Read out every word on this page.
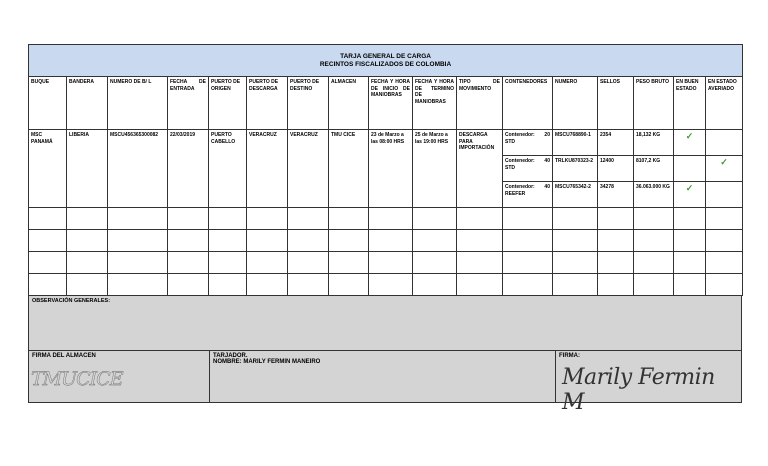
TARJA GENERAL DE CARGA
RECINTOS FISCALIZADOS DE COLOMBIA																

BUQUE	BANDERA	NUMERO DE B/ L	FECHA DE ENTRADA	PUERTO DE ORIGEN	PUERTO DE DESCARGA	PUERTO DE DESTINO	ALMACEN	FECHA Y HORA DE INICIO DE MANIOBRAS	FECHA Y HORA DE TERMINO DE MANIOBRAS	TIPO DE MOVIMIENTO	CONTENEDORES	NUMERO	SELLOS	PESO BRUTO	EN BUEN ESTADO	EN ESTADO AVERIADO
MSC PANAMÁ	LIBERIA	MSCU456365300082	22/03/2019	PUERTO CABELLO	VERACRUZ	VERACRUZ	TMU CICE	23 de Marzo a las 08:00 HRS	25 de Marzo a las 19:00 HRS	DESCARGA PARA IMPORTACIÓN	Contenedor: 20 STD	MSCU768890-1	2354	18,132 KG	✓	

											Contenedor: 40 STD	TRLKU870323-2	12400	8107,2 KG		✓

											Contenedor: 40 REEFER	MSCU765342-2	34278	36.063.000 KG	✓	

OBSERVACIÓN GENERALES:
FIRMA DEL ALMACEN
TMUCICE
TARJADOR.
NOMBRE: MARILY FERMIN MANEIRO
FIRMA:
Marily Fermin M
